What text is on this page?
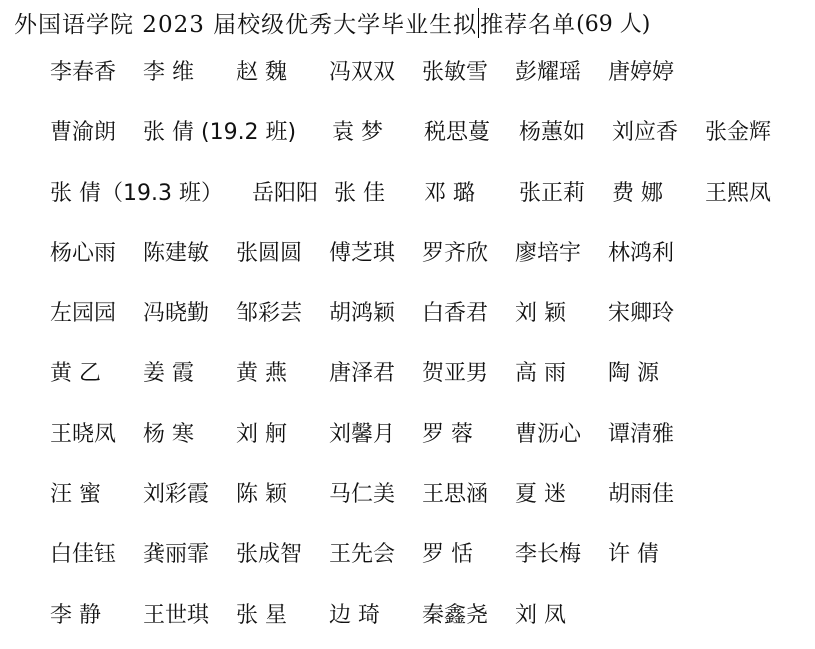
外国语学院 2023 届校级优秀大学毕业生拟 推荐名单(69 人)
李春香 李 维 赵 魏 冯双双 张敏雪 彭耀瑶 唐婷婷
曹渝朗 张 倩 (19.2 班) 袁 梦 税思蔓 杨蕙如 刘应香 张金辉
张 倩（19.3 班） 岳阳阳 张 佳 邓 璐 张正莉 费 娜 王熙凤
杨心雨 陈建敏 张圆圆 傅芝琪 罗齐欣 廖培宇 林鸿利
左园园 冯晓勤 邹彩芸 胡鸿颖 白香君 刘 颖 宋卿玲
黄 乙 姜 霞 黄 燕 唐泽君 贺亚男 高 雨 陶 源
王晓凤 杨 寒 刘 舸 刘馨月 罗 蓉 曹沥心 谭清雅
汪 蜜 刘彩霞 陈 颖 马仁美 王思涵 夏 迷 胡雨佳
白佳钰 龚丽霏 张成智 王先会 罗 恬 李长梅 许 倩
李 静 王世琪 张 星 边 琦 秦鑫尧 刘 凤
